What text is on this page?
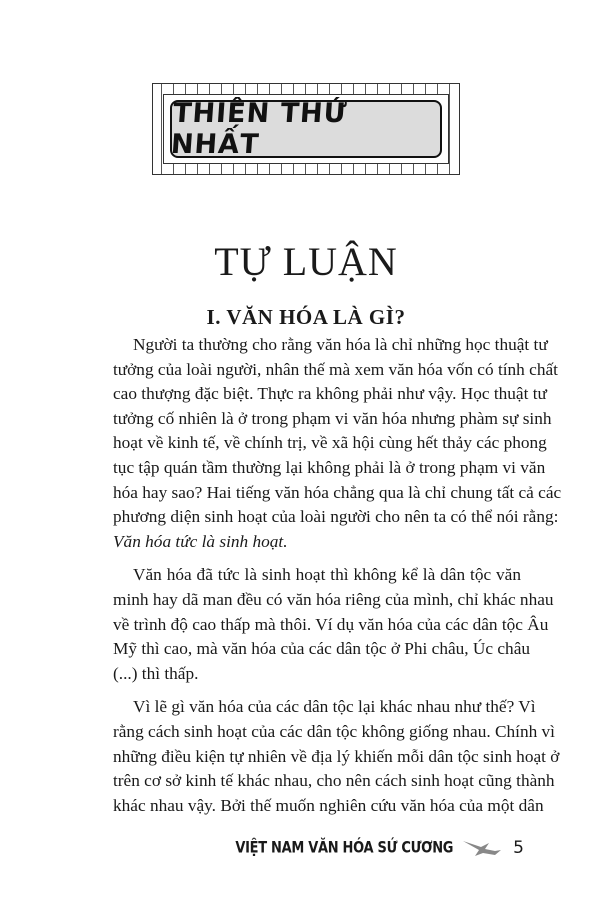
THIÊN THỨ NHẤT
TỰ LUẬN
I. VĂN HÓA LÀ GÌ?
Người ta thường cho rằng văn hóa là chỉ những học thuật tư
tưởng của loài người, nhân thế mà xem văn hóa vốn có tính chất
cao thượng đặc biệt. Thực ra không phải như vậy. Học thuật tư
tưởng cố nhiên là ở trong phạm vi văn hóa nhưng phàm sự sinh
hoạt về kinh tế, về chính trị, về xã hội cùng hết thảy các phong
tục tập quán tầm thường lại không phải là ở trong phạm vi văn
hóa hay sao? Hai tiếng văn hóa chẳng qua là chỉ chung tất cả các
phương diện sinh hoạt của loài người cho nên ta có thể nói rằng:
Văn hóa tức là sinh hoạt.
Văn hóa đã tức là sinh hoạt thì không kể là dân tộc văn
minh hay dã man đều có văn hóa riêng của mình, chỉ khác nhau
về trình độ cao thấp mà thôi. Ví dụ văn hóa của các dân tộc Âu
Mỹ thì cao, mà văn hóa của các dân tộc ở Phi châu, Úc châu
(...) thì thấp.
Vì lẽ gì văn hóa của các dân tộc lại khác nhau như thế? Vì
rằng cách sinh hoạt của các dân tộc không giống nhau. Chính vì
những điều kiện tự nhiên về địa lý khiến mỗi dân tộc sinh hoạt ở
trên cơ sở kinh tế khác nhau, cho nên cách sinh hoạt cũng thành
khác nhau vậy. Bởi thế muốn nghiên cứu văn hóa của một dân
VIỆT NAM VĂN HÓA SỬ CƯƠNG	5
